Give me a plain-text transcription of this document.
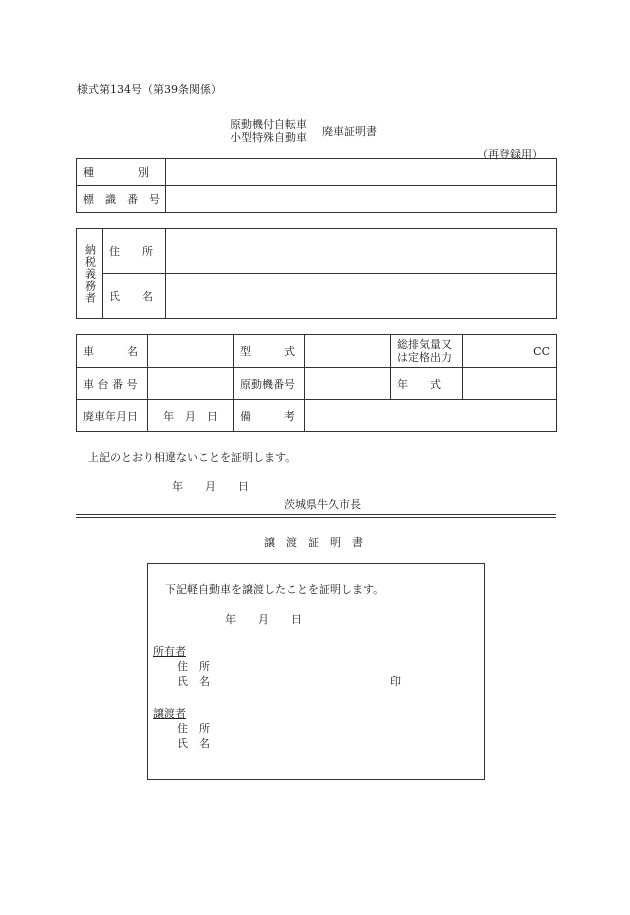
様式第134号（第39条関係）
原動機付自転車
小型特殊自動車 廃車証明書
（再登録用）
種　　　　別	
標　識　番　号	
納税義務者	住　　所	
	氏　　名	
車　　　名		型　　　式		総排気量又
は定格出力	CC
車 台 番 号		原動機番号		年　　式	
廃車年月日	年　月　日	備　　　考			
上記のとおり相違ないことを証明します。
年　　月　　日
茨城県牛久市長
譲　渡　証　明　書
下記軽自動車を譲渡したことを証明します。
年　　月　　日
所有者
住　所
氏　名	印
譲渡者
住　所
氏　名
